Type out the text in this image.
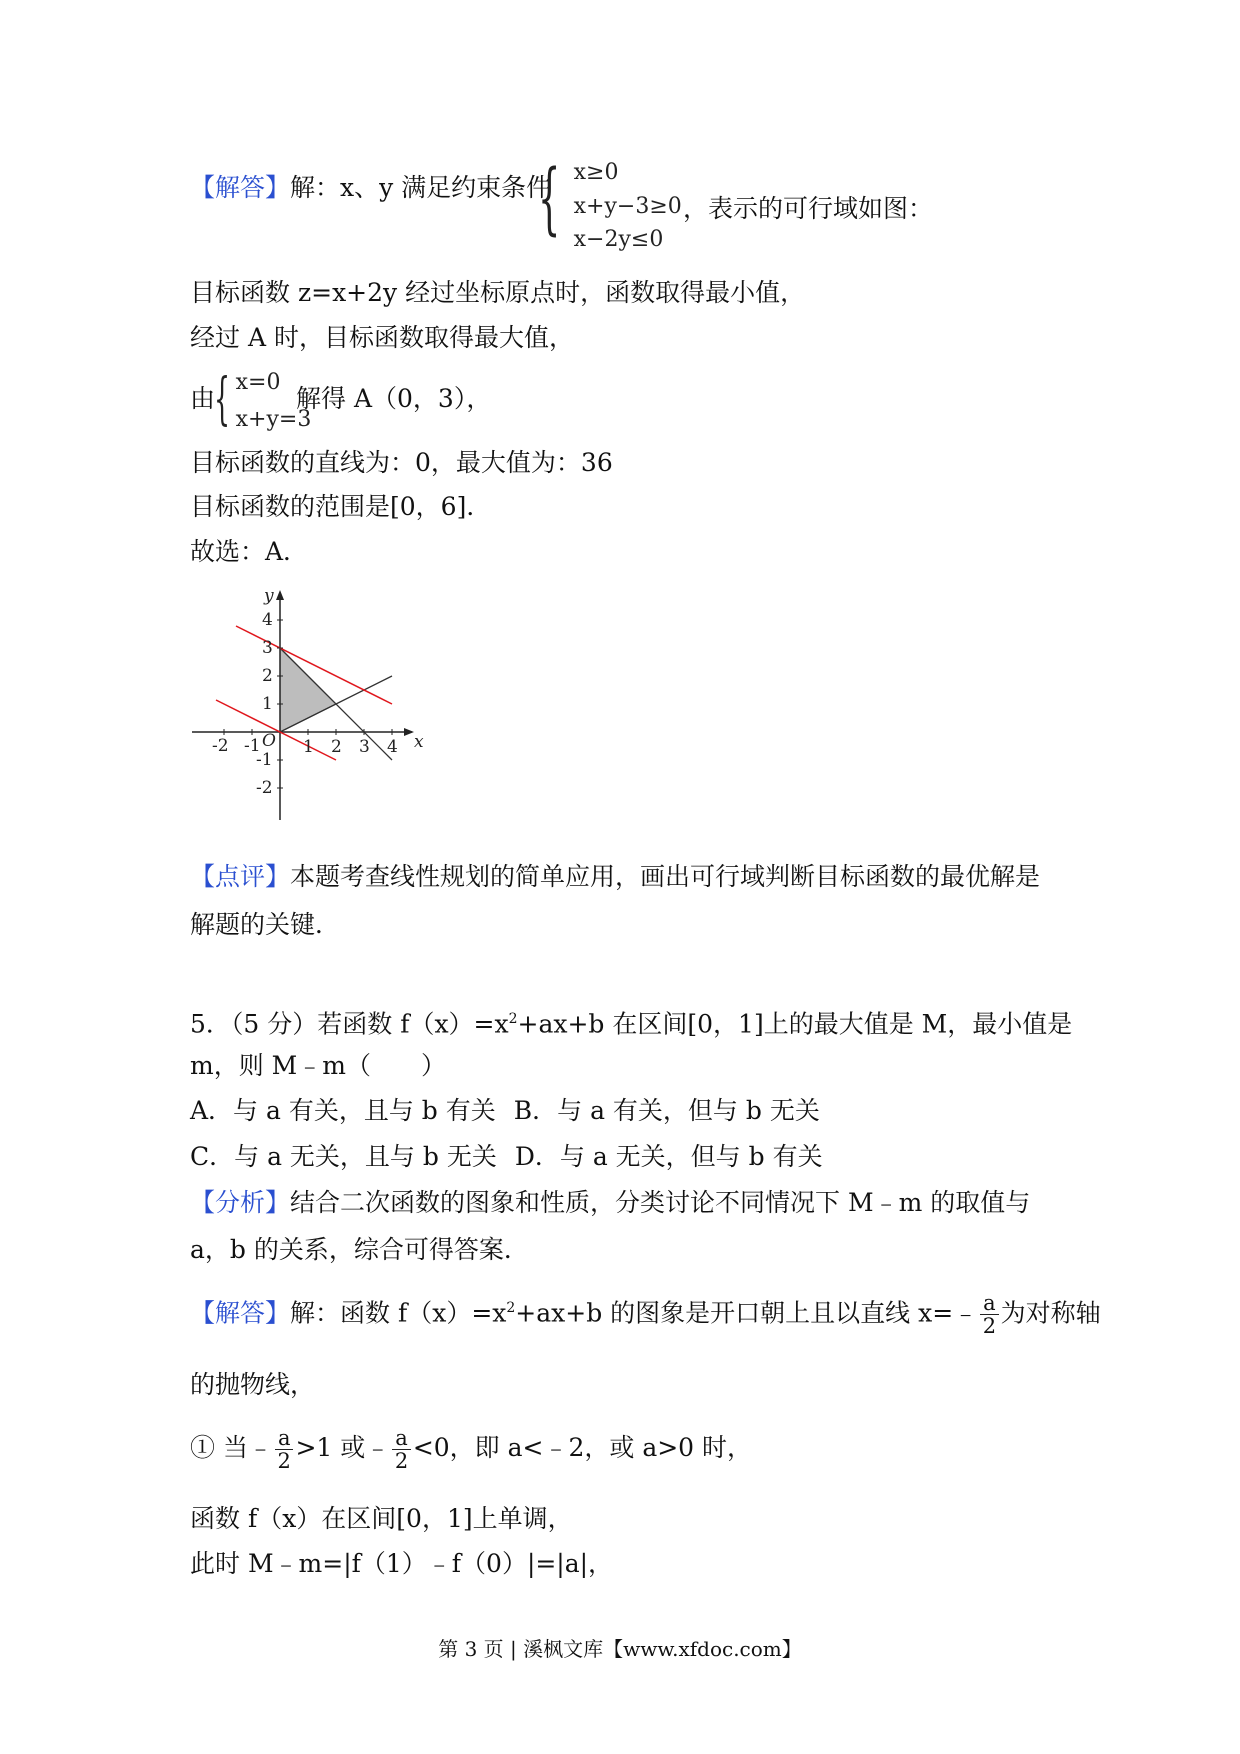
【解答】解：x、y 满足约束条件
{ x≥0
x+y−3≥0
x−2y≤0
，表示的可行域如图：
目标函数 z=x+2y 经过坐标原点时，函数取得最小值，
经过 A 时，目标函数取得最大值，
由
{ x=0
x+y=3
解得 A（0，3），
目标函数的直线为：0，最大值为：36
目标函数的范围是[0，6]．
故选：A．
y
x
O
-2 -1 1 2 3 4
4
3
2
1
-1
-2
【点评】本题考查线性规划的简单应用，画出可行域判断目标函数的最优解是
解题的关键．
5．（5 分）若函数 $f(x)=x^2+ax+b$ 在区间[0，1]上的最大值是 M，最小值是
m，则 M﹣m（　　）
A．与 a 有关，且与 b 有关 B．与 a 有关，但与 b 无关
C．与 a 无关，且与 b 无关 D．与 a 无关，但与 b 有关
【分析】结合二次函数的图象和性质，分类讨论不同情况下 M﹣m 的取值与
a，b 的关系，综合可得答案．
【解答】解：函数 $f(x)=x^2+ax+b$ 的图象是开口朝上且以直线 x=﹣ $\frac{a}{2}$ 为对称轴
的抛物线，
① 当﹣ $\frac{a}{2} >1$ 或﹣ $\frac{a}{2} <0$，即 a<﹣2，或 a>0 时，
函数 f（x）在区间[0，1]上单调，
此时 M﹣m=|f（1）﹣f（0）|=|a|，
第 3 页 | 溪枫文库【www.xfdoc.com】
